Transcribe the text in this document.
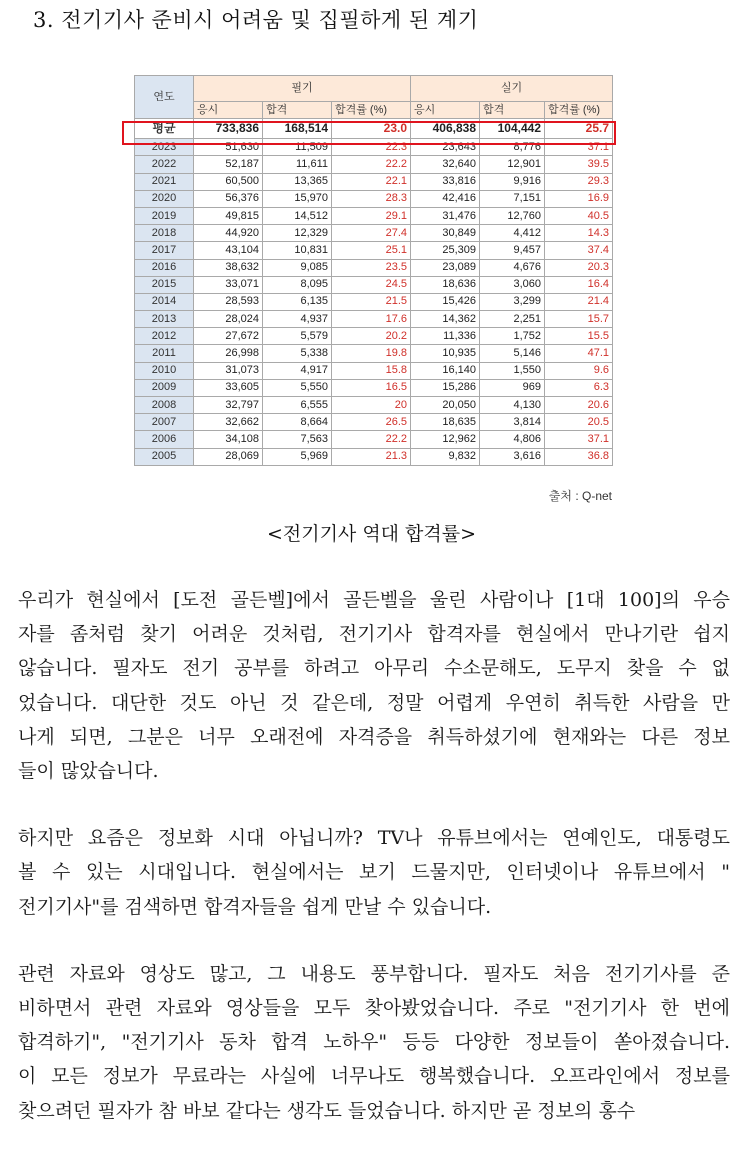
3. 전기기사 준비시 어려움 및 집필하게 된 계기
연도	필기			실기		
	응시	합격	합격률 (%)	응시	합격	합격률 (%)
평균	733,836	168,514	23.0	406,838	104,442	25.7
2023	51,630	11,509	22.3	23,643	8,776	37.1
2022	52,187	11,611	22.2	32,640	12,901	39.5
2021	60,500	13,365	22.1	33,816	9,916	29.3
2020	56,376	15,970	28.3	42,416	7,151	16.9
2019	49,815	14,512	29.1	31,476	12,760	40.5
2018	44,920	12,329	27.4	30,849	4,412	14.3
2017	43,104	10,831	25.1	25,309	9,457	37.4
2016	38,632	9,085	23.5	23,089	4,676	20.3
2015	33,071	8,095	24.5	18,636	3,060	16.4
2014	28,593	6,135	21.5	15,426	3,299	21.4
2013	28,024	4,937	17.6	14,362	2,251	15.7
2012	27,672	5,579	20.2	11,336	1,752	15.5
2011	26,998	5,338	19.8	10,935	5,146	47.1
2010	31,073	4,917	15.8	16,140	1,550	9.6
2009	33,605	5,550	16.5	15,286	969	6.3
2008	32,797	6,555	20	20,050	4,130	20.6
2007	32,662	8,664	26.5	18,635	3,814	20.5
2006	34,108	7,563	22.2	12,962	4,806	37.1
2005	28,069	5,969	21.3	9,832	3,616	36.8
출처 : Q-net
<전기기사 역대 합격률>
우리가 현실에서 [도전 골든벨]에서 골든벨을 울린 사람이나 [1대 100]의 우승
자를 좀처럼 찾기 어려운 것처럼, 전기기사 합격자를 현실에서 만나기란 쉽지
않습니다. 필자도 전기 공부를 하려고 아무리 수소문해도, 도무지 찾을 수 없
었습니다. 대단한 것도 아닌 것 같은데, 정말 어렵게 우연히 취득한 사람을 만
나게 되면, 그분은 너무 오래전에 자격증을 취득하셨기에 현재와는 다른 정보
들이 많았습니다.
하지만 요즘은 정보화 시대 아닙니까? TV나 유튜브에서는 연예인도, 대통령도
볼 수 있는 시대입니다. 현실에서는 보기 드물지만, 인터넷이나 유튜브에서 "
전기기사"를 검색하면 합격자들을 쉽게 만날 수 있습니다.
관련 자료와 영상도 많고, 그 내용도 풍부합니다. 필자도 처음 전기기사를 준
비하면서 관련 자료와 영상들을 모두 찾아봤었습니다. 주로 "전기기사 한 번에
합격하기", "전기기사 동차 합격 노하우" 등등 다양한 정보들이 쏟아졌습니다.
이 모든 정보가 무료라는 사실에 너무나도 행복했습니다. 오프라인에서 정보를
찾으려던 필자가 참 바보 같다는 생각도 들었습니다. 하지만 곧 정보의 홍수
